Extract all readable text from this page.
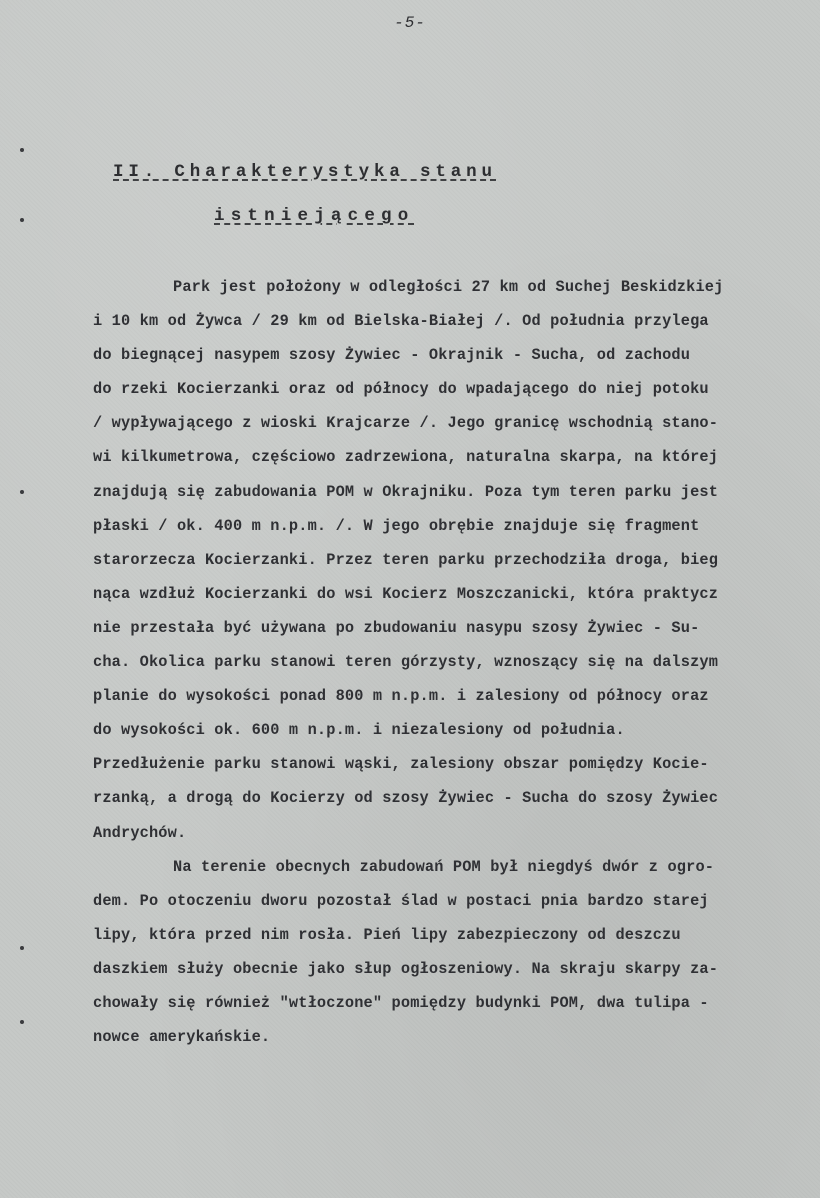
-5-
II. Charakterystyka stanu
istniejącego
Park jest położony w odległości 27 km od Suchej Beskidzkiej
i 10 km od Żywca / 29 km od Bielska-Białej /. Od południa przylega
do biegnącej nasypem szosy Żywiec - Okrajnik - Sucha, od zachodu
do rzeki Kocierzanki oraz od północy do wpadającego do niej potoku
/ wypływającego z wioski Krajcarze /. Jego granicę wschodnią stano-
wi kilkumetrowa, częściowo zadrzewiona, naturalna skarpa, na której
znajdują się zabudowania POM w Okrajniku. Poza tym teren parku jest
płaski / ok. 400 m n.p.m. /. W jego obrębie znajduje się fragment
starorzecza Kocierzanki. Przez teren parku przechodziła droga, bieg
nąca wzdłuż Kocierzanki do wsi Kocierz Moszczanicki, która praktycz
nie przestała być używana po zbudowaniu nasypu szosy Żywiec - Su-
cha. Okolica parku stanowi teren górzysty, wznoszący się na dalszym
planie do wysokości ponad 800 m n.p.m. i zalesiony od północy oraz
do wysokości ok. 600 m n.p.m. i niezalesiony od południa.
Przedłużenie parku stanowi wąski, zalesiony obszar pomiędzy Kocie-
rzanką, a drogą do Kocierzy od szosy Żywiec - Sucha do szosy Żywiec
Andrychów.
Na terenie obecnych zabudowań POM był niegdyś dwór z ogro-
dem. Po otoczeniu dworu pozostał ślad w postaci pnia bardzo starej
lipy, która przed nim rosła. Pień lipy zabezpieczony od deszczu
daszkiem służy obecnie jako słup ogłoszeniowy. Na skraju skarpy za-
chowały się również "wtłoczone" pomiędzy budynki POM, dwa tulipa -
nowce amerykańskie.
